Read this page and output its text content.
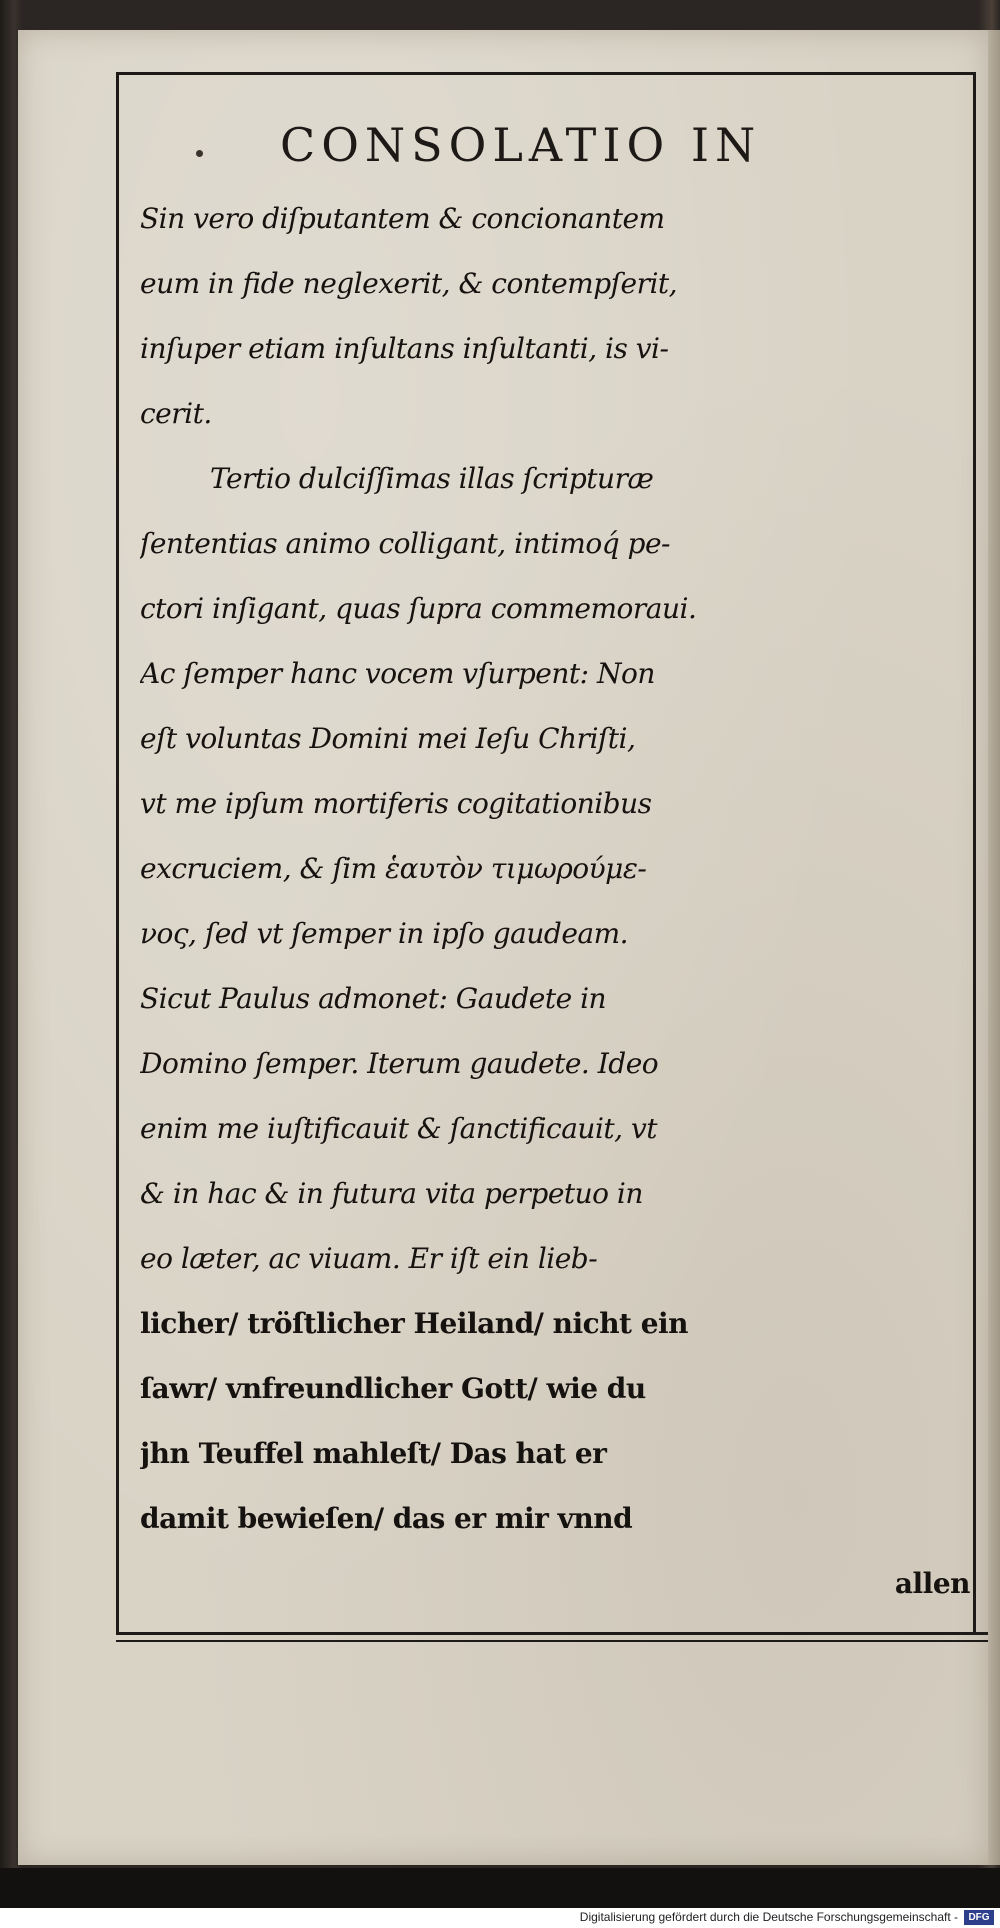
CONSOLATIO IN
Sin vero diſputantem & concionantem
eum in fide neglexerit, & contempſerit,
inſuper etiam inſultans inſultanti, is vi-
cerit.
Tertio dulciſſimas illas ſcripturæ
ſententias animo colligant, intimoq́ pe-
ctori inſigant, quas ſupra commemoraui.
Ac ſemper hanc vocem vſurpent: Non
eſt voluntas Domini mei Ieſu Chriſti,
vt me ipſum mortiferis cogitationibus
excruciem, & ſim ἑαυτὸν τιμωρούμε-
νος, ſed vt ſemper in ipſo gaudeam.
Sicut Paulus admonet: Gaudete in
Domino ſemper. Iterum gaudete. Ideo
enim me iuſtificauit & ſanctificauit, vt
& in hac & in futura vita perpetuo in
eo læter, ac viuam. Er iſt ein lieb-
licher/ tröſtlicher Heiland/ nicht ein
ſawr/ vnfreundlicher Gott/ wie du
jhn Teuffel mahleſt/ Das hat er
damit bewieſen/ das er mir vnnd
allen
Digitalisierung gefördert durch die Deutsche Forschungsgemeinschaft -	DFG
